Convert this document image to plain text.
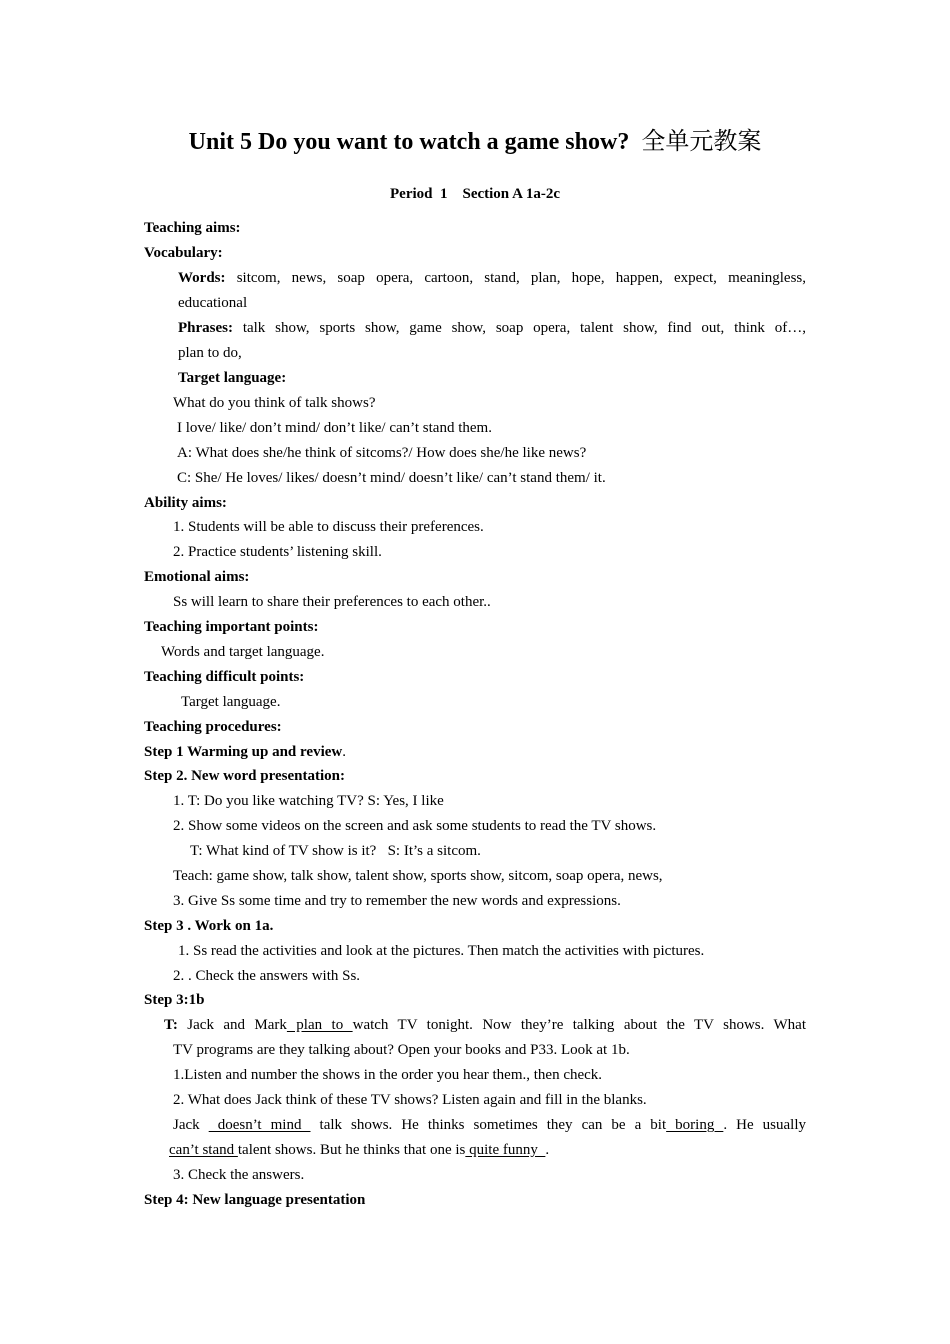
Unit 5 Do you want to watch a game show? 全单元教案
Period  1    Section A 1a-2c
Teaching aims:
Vocabulary:
Words: sitcom, news, soap opera, cartoon, stand, plan, hope, happen, expect, meaningless,
educational
Phrases: talk show, sports show, game show, soap opera, talent show, find out, think of…,
plan to do,
Target language:
What do you think of talk shows?
I love/ like/ don’t mind/ don’t like/ can’t stand them.
A: What does she/he think of sitcoms?/ How does she/he like news?
C: She/ He loves/ likes/ doesn’t mind/ doesn’t like/ can’t stand them/ it.
Ability aims:
1. Students will be able to discuss their preferences.
2. Practice students’ listening skill.
Emotional aims:
Ss will learn to share their preferences to each other..
Teaching important points:
Words and target language.
Teaching difficult points:
Target language.
Teaching procedures:
Step 1 Warming up and review.
Step 2. New word presentation:
1. T: Do you like watching TV? S: Yes, I like
2. Show some videos on the screen and ask some students to read the TV shows.
T: What kind of TV show is it?   S: It’s a sitcom.
Teach: game show, talk show, talent show, sports show, sitcom, soap opera, news,
3. Give Ss some time and try to remember the new words and expressions.
Step 3 . Work on 1a.
1. Ss read the activities and look at the pictures. Then match the activities with pictures.
2. . Check the answers with Ss.
Step 3:1b
T: Jack and Mark plan to watch TV tonight. Now they’re talking about the TV shows. What
TV programs are they talking about? Open your books and P33. Look at 1b.
1.Listen and number the shows in the order you hear them., then check.
2. What does Jack think of these TV shows? Listen again and fill in the blanks.
Jack  doesn’t mind  talk shows. He thinks sometimes they can be a bit boring . He usually
can’t stand talent shows. But he thinks that one is quite funny  .
3. Check the answers.
Step 4: New language presentation
